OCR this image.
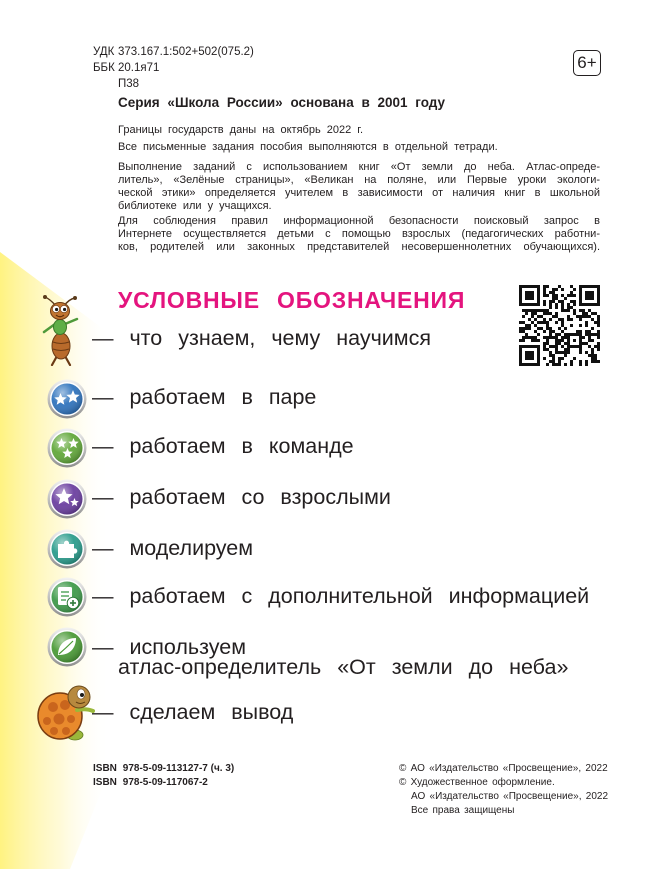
УДК 373.167.1:502+502(075.2)
ББК 20.1я71
П38
6+
Серия «Школа России» основана в 2001 году
Границы государств даны на октябрь 2022 г.
Все письменные задания пособия выполняются в отдельной тетради.
Выполнение заданий с использованием книг «От земли до неба. Атлас-опреде-
литель», «Зелёные страницы», «Великан на поляне, или Первые уроки экологи-
ческой этики» определяется учителем в зависимости от наличия книг в школьной
библиотеке или у учащихся.
Для соблюдения правил информационной безопасности поисковый запрос в
Интернете осуществляется детьми с помощью взрослых (педагогических работни-
ков, родителей или законных представителей несовершеннолетних обучающихся).
УСЛОВНЫЕ ОБОЗНАЧЕНИЯ
— что узнаем, чему научимся
— работаем в паре
— работаем в команде
— работаем со взрослыми
— моделируем
— работаем с дополнительной информацией
— используем
атлас-определитель «От земли до неба»
— сделаем вывод
ISBN 978-5-09-113127-7 (ч. 3)
ISBN 978-5-09-117067-2
© АО «Издательство «Просвещение», 2022
© Художественное оформление.
АО «Издательство «Просвещение», 2022
Все права защищены
